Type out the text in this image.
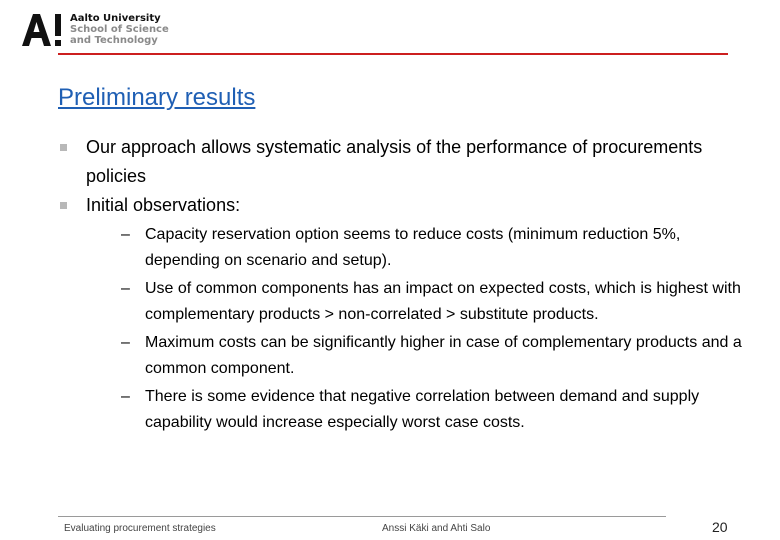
Aalto University
School of Science
and Technology
Preliminary results
Our approach allows systematic analysis of the performance of procurements policies
Initial observations:
– Capacity reservation option seems to reduce costs (minimum reduction 5%, depending on scenario and setup).
– Use of common components has an impact on expected costs, which is highest with complementary products > non-correlated > substitute products.
– Maximum costs can be significantly higher in case of complementary products and a common component.
– There is some evidence that negative correlation between demand and supply capability would increase especially worst case costs.
Evaluating procurement strategies	Anssi Käki and Ahti Salo	20
